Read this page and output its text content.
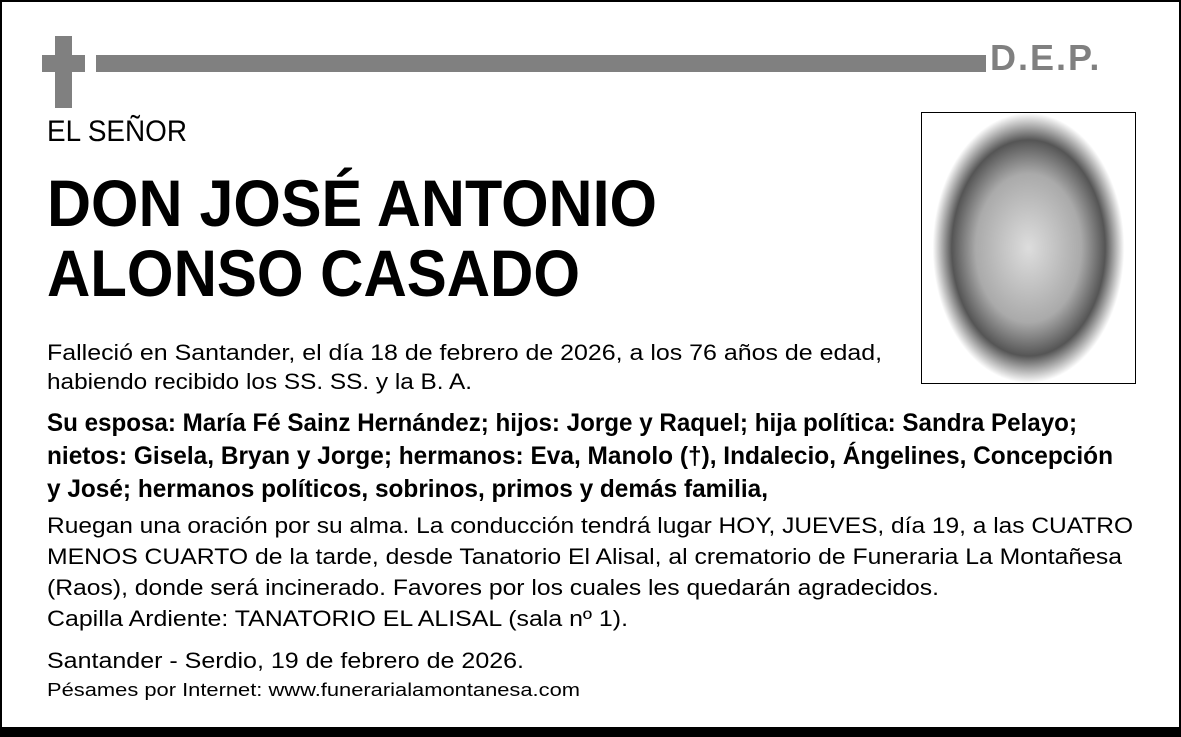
D.E.P.
EL SEÑOR
DON JOSÉ ANTONIO
ALONSO CASADO
Falleció en Santander, el día 18 de febrero de 2026, a los 76 años de edad,
habiendo recibido los SS. SS. y la B. A.
Su esposa: María Fé Sainz Hernández; hijos: Jorge y Raquel; hija política: Sandra Pelayo;
nietos: Gisela, Bryan y Jorge; hermanos: Eva, Manolo (†), Indalecio, Ángelines, Concepción
y José; hermanos políticos, sobrinos, primos y demás familia,
Ruegan una oración por su alma. La conducción tendrá lugar HOY, JUEVES, día 19, a las CUATRO
MENOS CUARTO de la tarde, desde Tanatorio El Alisal, al crematorio de Funeraria La Montañesa
(Raos), donde será incinerado. Favores por los cuales les quedarán agradecidos.
Capilla Ardiente: TANATORIO EL ALISAL (sala nº 1).
Santander - Serdio, 19 de febrero de 2026.
Pésames por Internet: www.funerarialamontanesa.com
